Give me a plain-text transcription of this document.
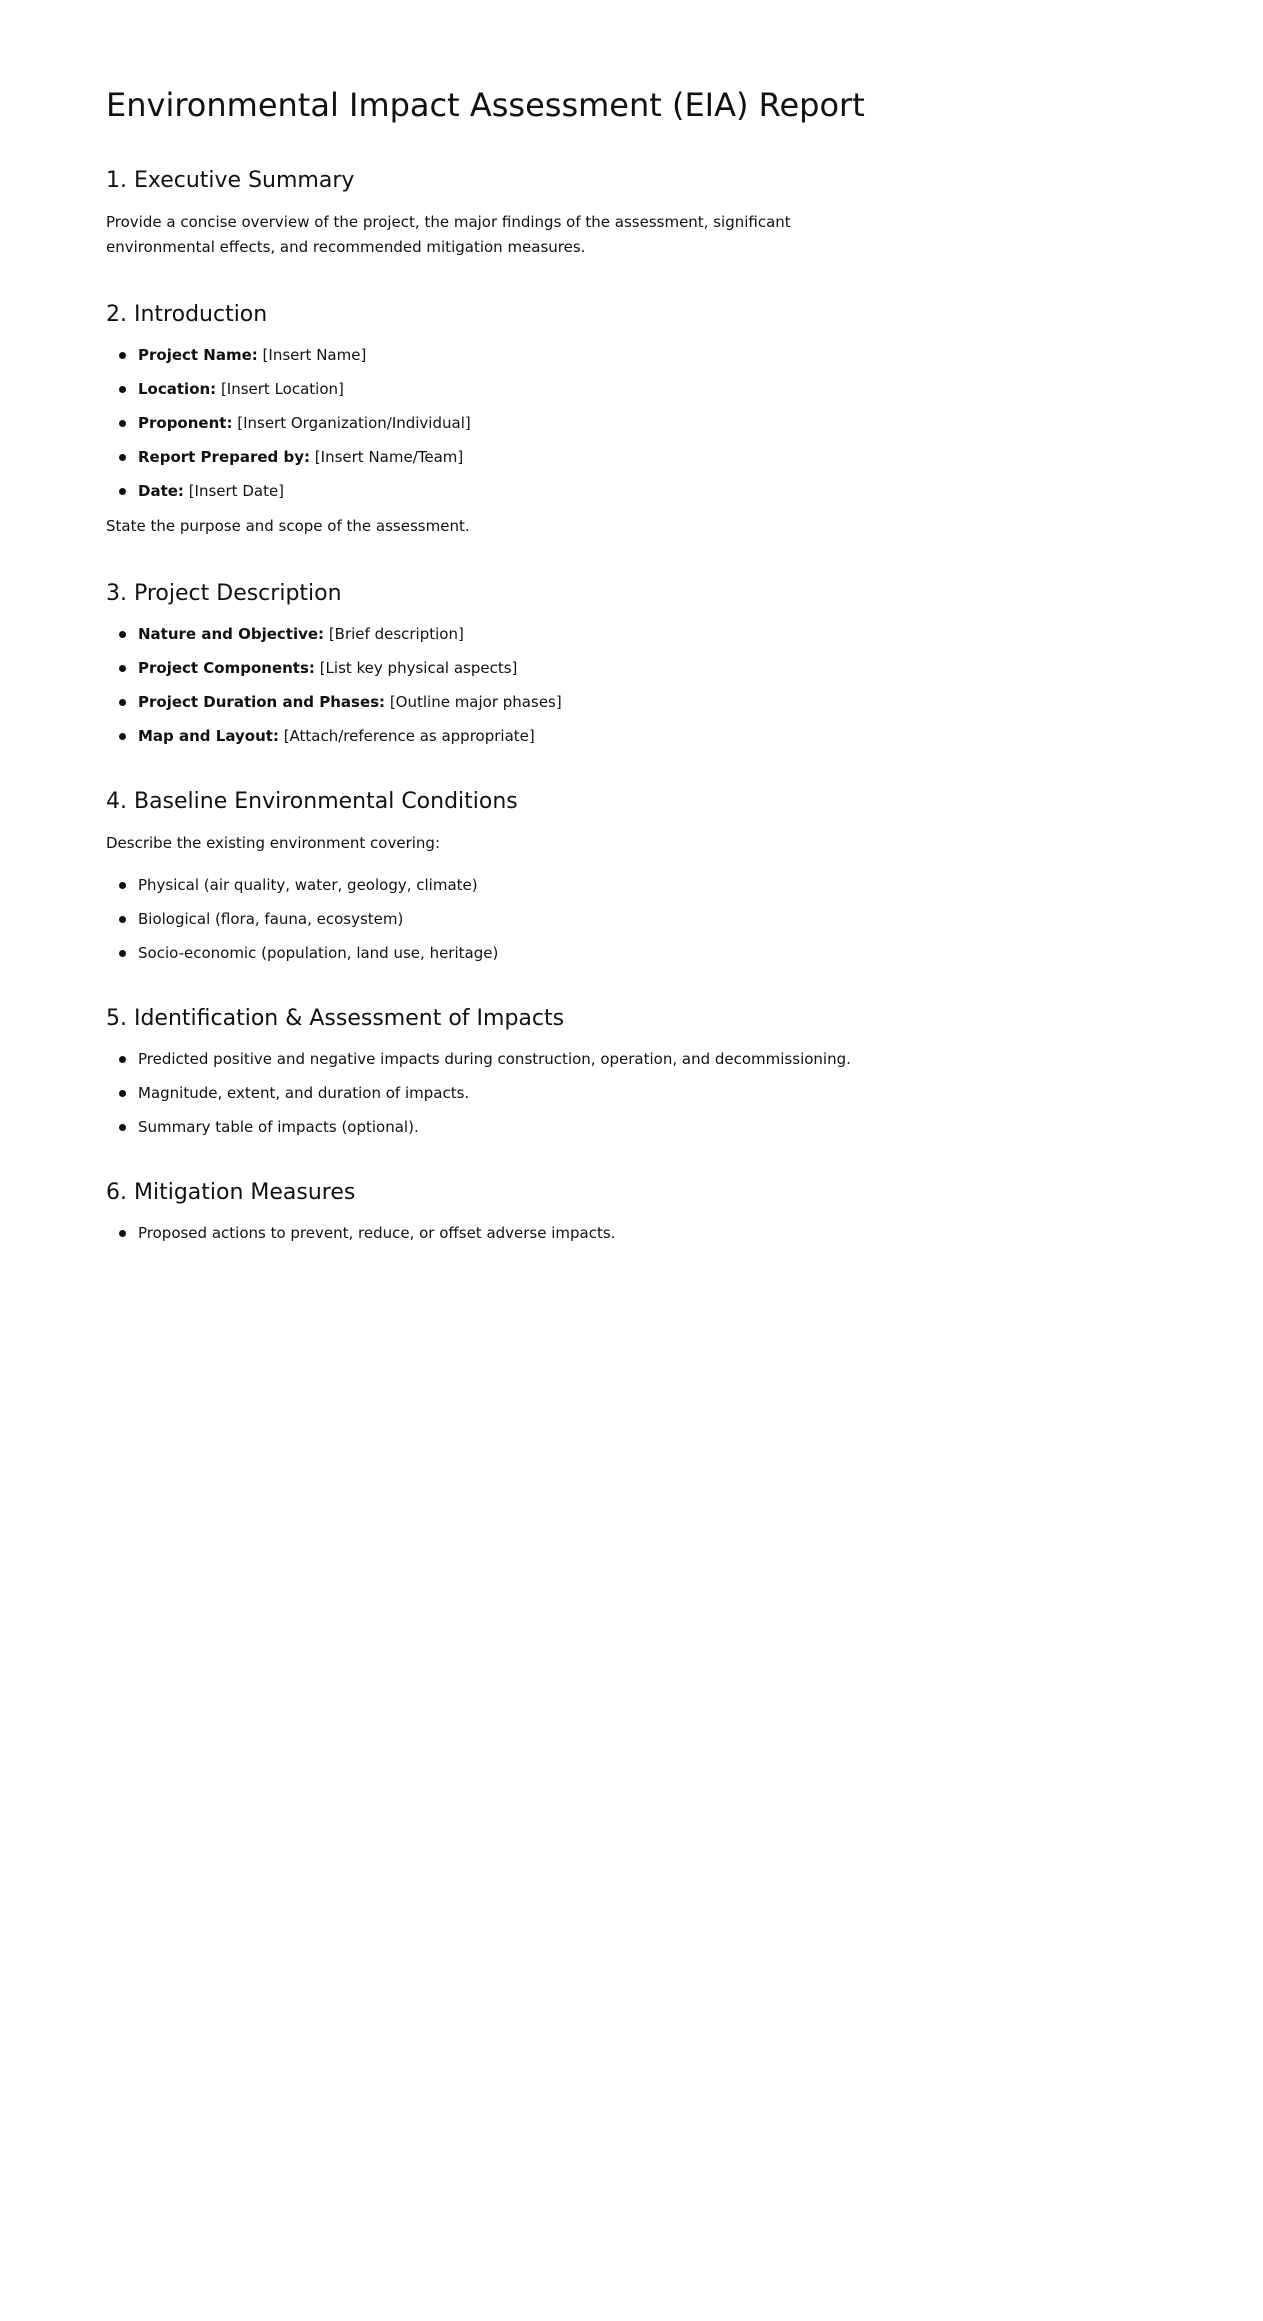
Environmental Impact Assessment (EIA) Report
1. Executive Summary

Provide a concise overview of the project, the major findings of the assessment, significant environmental effects, and recommended mitigation measures.

2. Introduction
Project Name: [Insert Name]
Location: [Insert Location]
Proponent: [Insert Organization/Individual]
Report Prepared by: [Insert Name/Team]
Date: [Insert Date]

State the purpose and scope of the assessment.

3. Project Description
Nature and Objective: [Brief description]
Project Components: [List key physical aspects]
Project Duration and Phases: [Outline major phases]
Map and Layout: [Attach/reference as appropriate]
4. Baseline Environmental Conditions

Describe the existing environment covering:

Physical (air quality, water, geology, climate)
Biological (flora, fauna, ecosystem)
Socio-economic (population, land use, heritage)
5. Identification & Assessment of Impacts
Predicted positive and negative impacts during construction, operation, and decommissioning.
Magnitude, extent, and duration of impacts.
Summary table of impacts (optional).
6. Mitigation Measures
Proposed actions to prevent, reduce, or offset adverse impacts.
